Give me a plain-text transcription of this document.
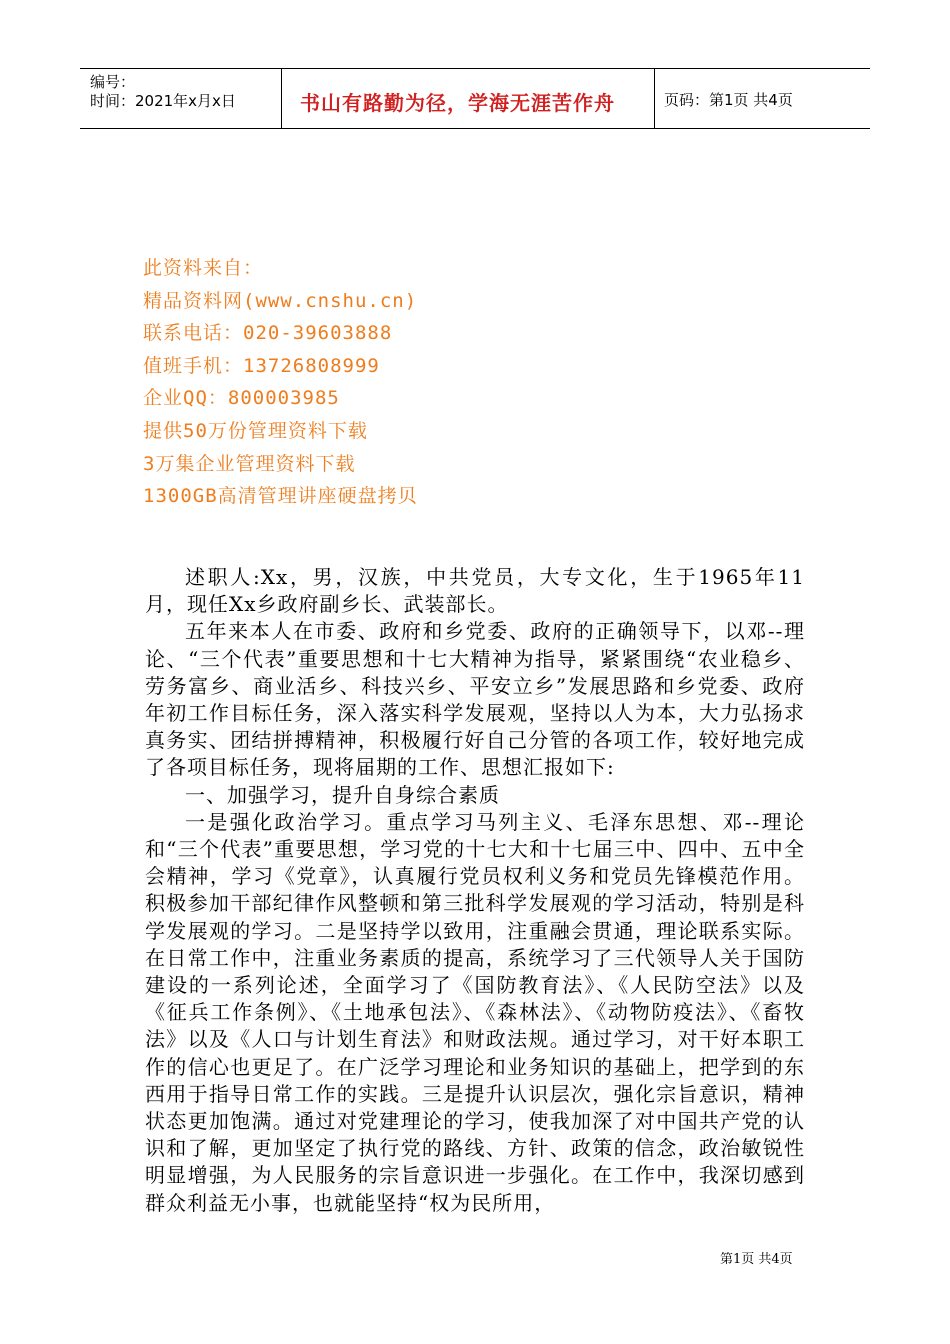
编号：
时间：2021年x月x日	书山有路勤为径，学海无涯苦作舟	页码：第1页 共4页
此资料来自：
精品资料网(www.cnshu.cn)
联系电话：020-39603888
值班手机：13726808999
企业QQ：800003985
提供50万份管理资料下载
3万集企业管理资料下载
1300GB高清管理讲座硬盘拷贝

述职人:Xx，男，汉族，中共党员，大专文化，生于1965年11月，现任Xx乡政府副乡长、武装部长。

五年来本人在市委、政府和乡党委、政府的正确领导下，以邓--理论、“三个代表”重要思想和十七大精神为指导，紧紧围绕“农业稳乡、劳务富乡、商业活乡、科技兴乡、平安立乡”发展思路和乡党委、政府年初工作目标任务，深入落实科学发展观，坚持以人为本，大力弘扬求真务实、团结拼搏精神，积极履行好自己分管的各项工作，较好地完成了各项目标任务，现将届期的工作、思想汇报如下:

一、加强学习，提升自身综合素质

一是强化政治学习。重点学习马列主义、毛泽东思想、邓--理论和“三个代表”重要思想，学习党的十七大和十七届三中、四中、五中全会精神，学习《党章》，认真履行党员权利义务和党员先锋模范作用。积极参加干部纪律作风整顿和第三批科学发展观的学习活动，特别是科学发展观的学习。二是坚持学以致用，注重融会贯通，理论联系实际。在日常工作中，注重业务素质的提高，系统学习了三代领导人关于国防建设的一系列论述，全面学习了《国防教育法》、《人民防空法》以及《征兵工作条例》、《土地承包法》、《森林法》、《动物防疫法》、《畜牧法》以及《人口与计划生育法》和财政法规。通过学习，对干好本职工作的信心也更足了。在广泛学习理论和业务知识的基础上，把学到的东西用于指导日常工作的实践。三是提升认识层次，强化宗旨意识，精神状态更加饱满。通过对党建理论的学习，使我加深了对中国共产党的认识和了解，更加坚定了执行党的路线、方针、政策的信念，政治敏锐性明显增强，为人民服务的宗旨意识进一步强化。在工作中，我深切感到群众利益无小事，也就能坚持“权为民所用，

第1页 共4页
